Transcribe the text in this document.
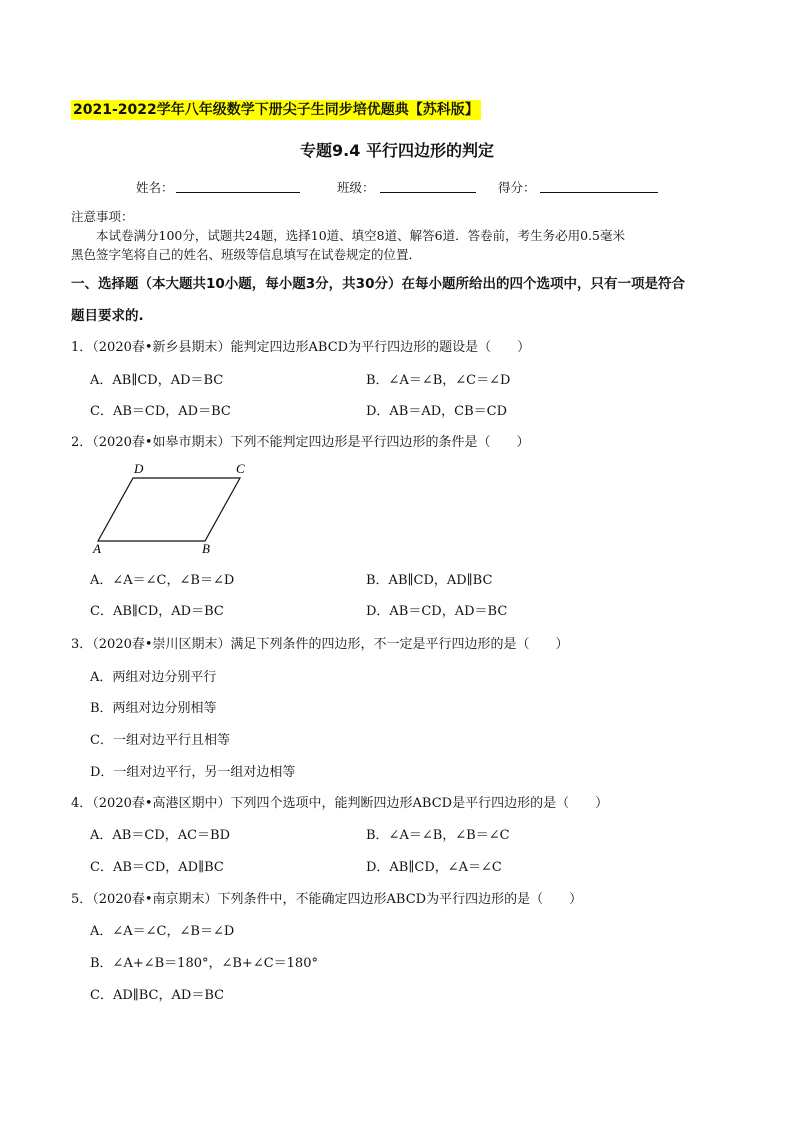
2021-2022学年八年级数学下册尖子生同步培优题典【苏科版】
专题9.4 平行四边形的判定
姓名：	班级：	得分：
注意事项：
本试卷满分100分，试题共24题，选择10道、填空8道、解答6道．答卷前，考生务必用0.5毫米
黑色签字笔将自己的姓名、班级等信息填写在试卷规定的位置．
一、选择题（本大题共10小题，每小题3分，共30分）在每小题所给出的四个选项中，只有一项是符合
题目要求的.
1．（2020春•新乡县期末）能判定四边形ABCD为平行四边形的题设是（　　）
A．AB∥CD，AD＝BC	B．∠A＝∠B，∠C＝∠D
C．AB＝CD，AD＝BC	D．AB＝AD，CB＝CD
2．（2020春•如皋市期末）下列不能判定四边形是平行四边形的条件是（　　）
D	C
A	B
A．∠A＝∠C，∠B＝∠D	B．AB∥CD，AD∥BC
C．AB∥CD，AD＝BC	D．AB＝CD，AD＝BC
3．（2020春•崇川区期末）满足下列条件的四边形，不一定是平行四边形的是（　　）
A．两组对边分别平行
B．两组对边分别相等
C．一组对边平行且相等
D．一组对边平行，另一组对边相等
4．（2020春•高港区期中）下列四个选项中，能判断四边形ABCD是平行四边形的是（　　）
A．AB＝CD，AC＝BD	B．∠A＝∠B，∠B＝∠C
C．AB＝CD，AD∥BC	D．AB∥CD，∠A＝∠C
5．（2020春•南京期末）下列条件中，不能确定四边形ABCD为平行四边形的是（　　）
A．∠A＝∠C，∠B＝∠D
B．∠A+∠B＝180°，∠B+∠C＝180°
C．AD∥BC，AD＝BC
